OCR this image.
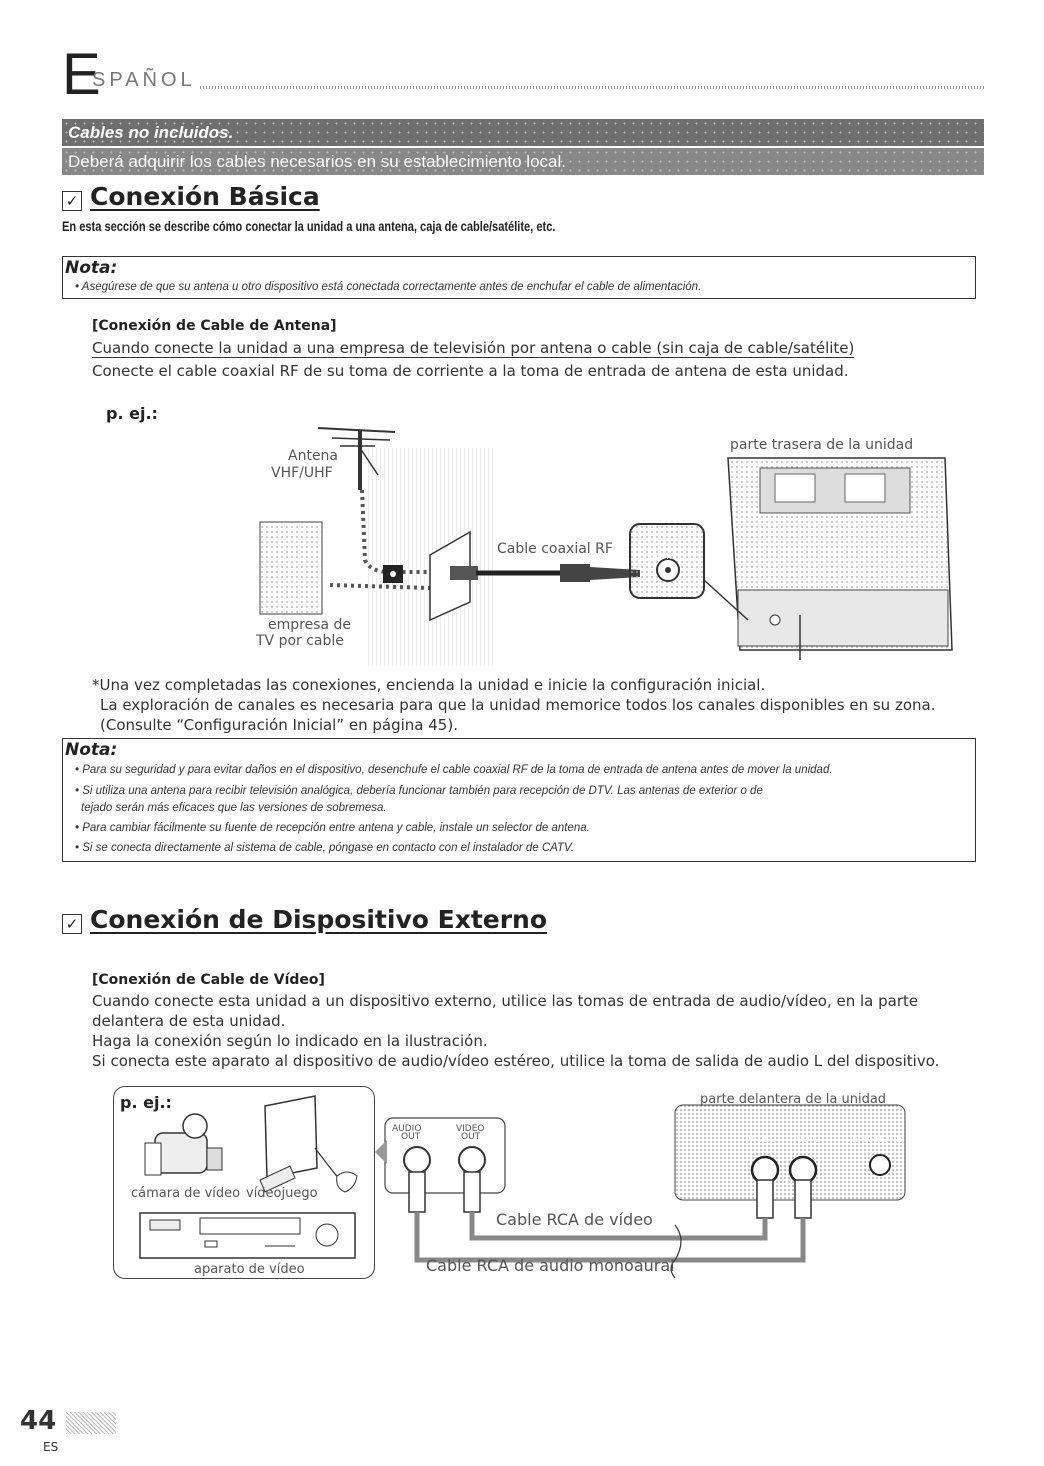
E
SPAÑOL
Cables no incluidos.
Deberá adquirir los cables necesarios en su establecimiento local.
✓ Conexión Básica
En esta sección se describe cómo conectar la unidad a una antena, caja de cable/satélite, etc.
Nota:
• Asegúrese de que su antena u otro dispositivo está conectada correctamente antes de enchufar el cable de alimentación.
[Conexión de Cable de Antena]
Cuando conecte la unidad a una empresa de televisión por antena o cable (sin caja de cable/satélite)
Conecte el cable coaxial RF de su toma de corriente a la toma de entrada de antena de esta unidad.
p. ej.:
Antena
VHF/UHF
empresa de
TV por cable
Cable coaxial RF
parte trasera de la unidad
ANT.
*Una vez completadas las conexiones, encienda la unidad e inicie la configuración inicial.
La exploración de canales es necesaria para que la unidad memorice todos los canales disponibles en su zona.
(Consulte “Configuración Inicial” en página 45).
Nota:
• Para su seguridad y para evitar daños en el dispositivo, desenchufe el cable coaxial RF de la toma de entrada de antena antes de mover la unidad.
• Si utiliza una antena para recibir televisión analógica, debería funcionar también para recepción de DTV. Las antenas de exterior o de
tejado serán más eficaces que las versiones de sobremesa.
• Para cambiar fácilmente su fuente de recepción entre antena y cable, instale un selector de antena.
• Si se conecta directamente al sistema de cable, póngase en contacto con el instalador de CATV.
✓ Conexión de Dispositivo Externo
[Conexión de Cable de Vídeo]
Cuando conecte esta unidad a un dispositivo externo, utilice las tomas de entrada de audio/vídeo, en la parte
delantera de esta unidad.
Haga la conexión según lo indicado en la ilustración.
Si conecta este aparato al dispositivo de audio/vídeo estéreo, utilice la toma de salida de audio L del dispositivo.
p. ej.:
cámara de vídeo vídeojuego
aparato de vídeo
AUDIO
OUT
VIDEO
OUT
parte delantera de la unidad
VIDEO AUDIO	EARPHONE
Cable RCA de vídeo
Cable RCA de audio monoaural
44
ES
